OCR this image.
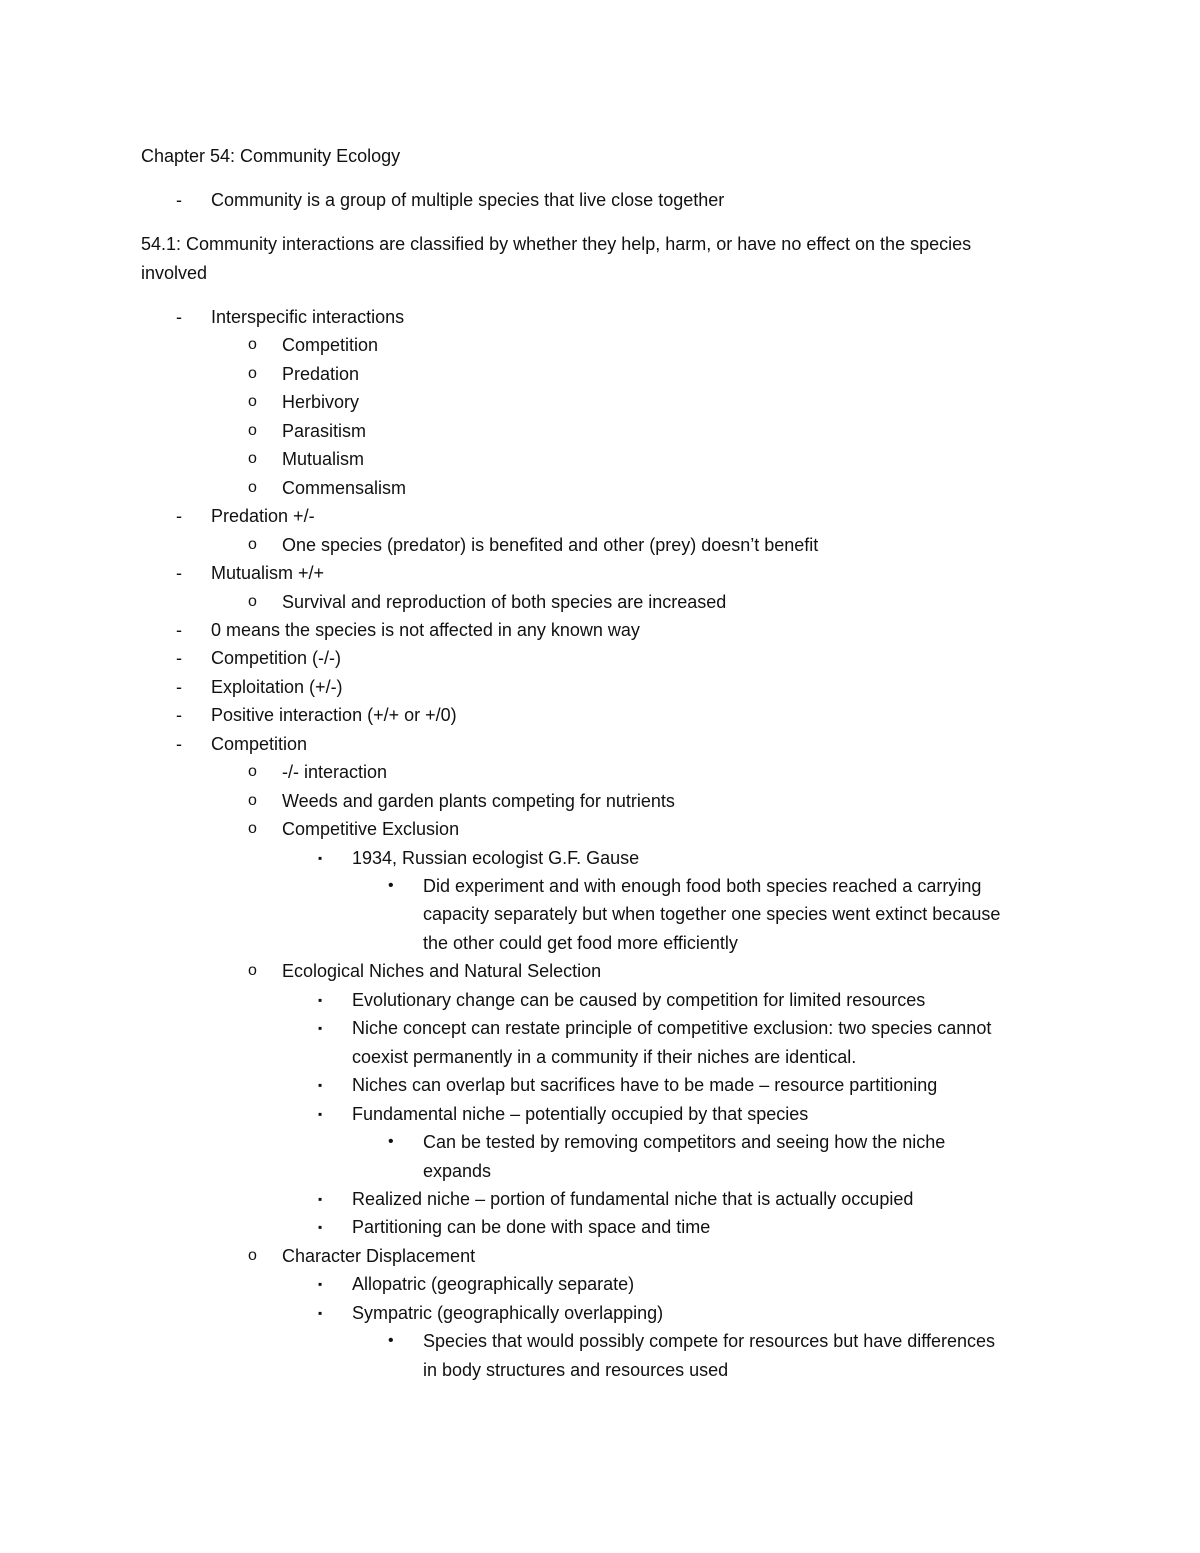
Chapter 54: Community Ecology
- Community is a group of multiple species that live close together
54.1: Community interactions are classified by whether they help, harm, or have no effect on the species
involved
- Interspecific interactions
o Competition
o Predation
o Herbivory
o Parasitism
o Mutualism
o Commensalism
- Predation +/-
o One species (predator) is benefited and other (prey) doesn’t benefit
- Mutualism +/+
o Survival and reproduction of both species are increased
- 0 means the species is not affected in any known way
- Competition (-/-)
- Exploitation (+/-)
- Positive interaction (+/+ or +/0)
- Competition
o -/- interaction
o Weeds and garden plants competing for nutrients
o Competitive Exclusion
▪ 1934, Russian ecologist G.F. Gause
• Did experiment and with enough food both species reached a carrying
capacity separately but when together one species went extinct because
the other could get food more efficiently
o Ecological Niches and Natural Selection
▪ Evolutionary change can be caused by competition for limited resources
▪ Niche concept can restate principle of competitive exclusion: two species cannot
coexist permanently in a community if their niches are identical.
▪ Niches can overlap but sacrifices have to be made – resource partitioning
▪ Fundamental niche – potentially occupied by that species
• Can be tested by removing competitors and seeing how the niche
expands
▪ Realized niche – portion of fundamental niche that is actually occupied
▪ Partitioning can be done with space and time
o Character Displacement
▪ Allopatric (geographically separate)
▪ Sympatric (geographically overlapping)
• Species that would possibly compete for resources but have differences
in body structures and resources used
